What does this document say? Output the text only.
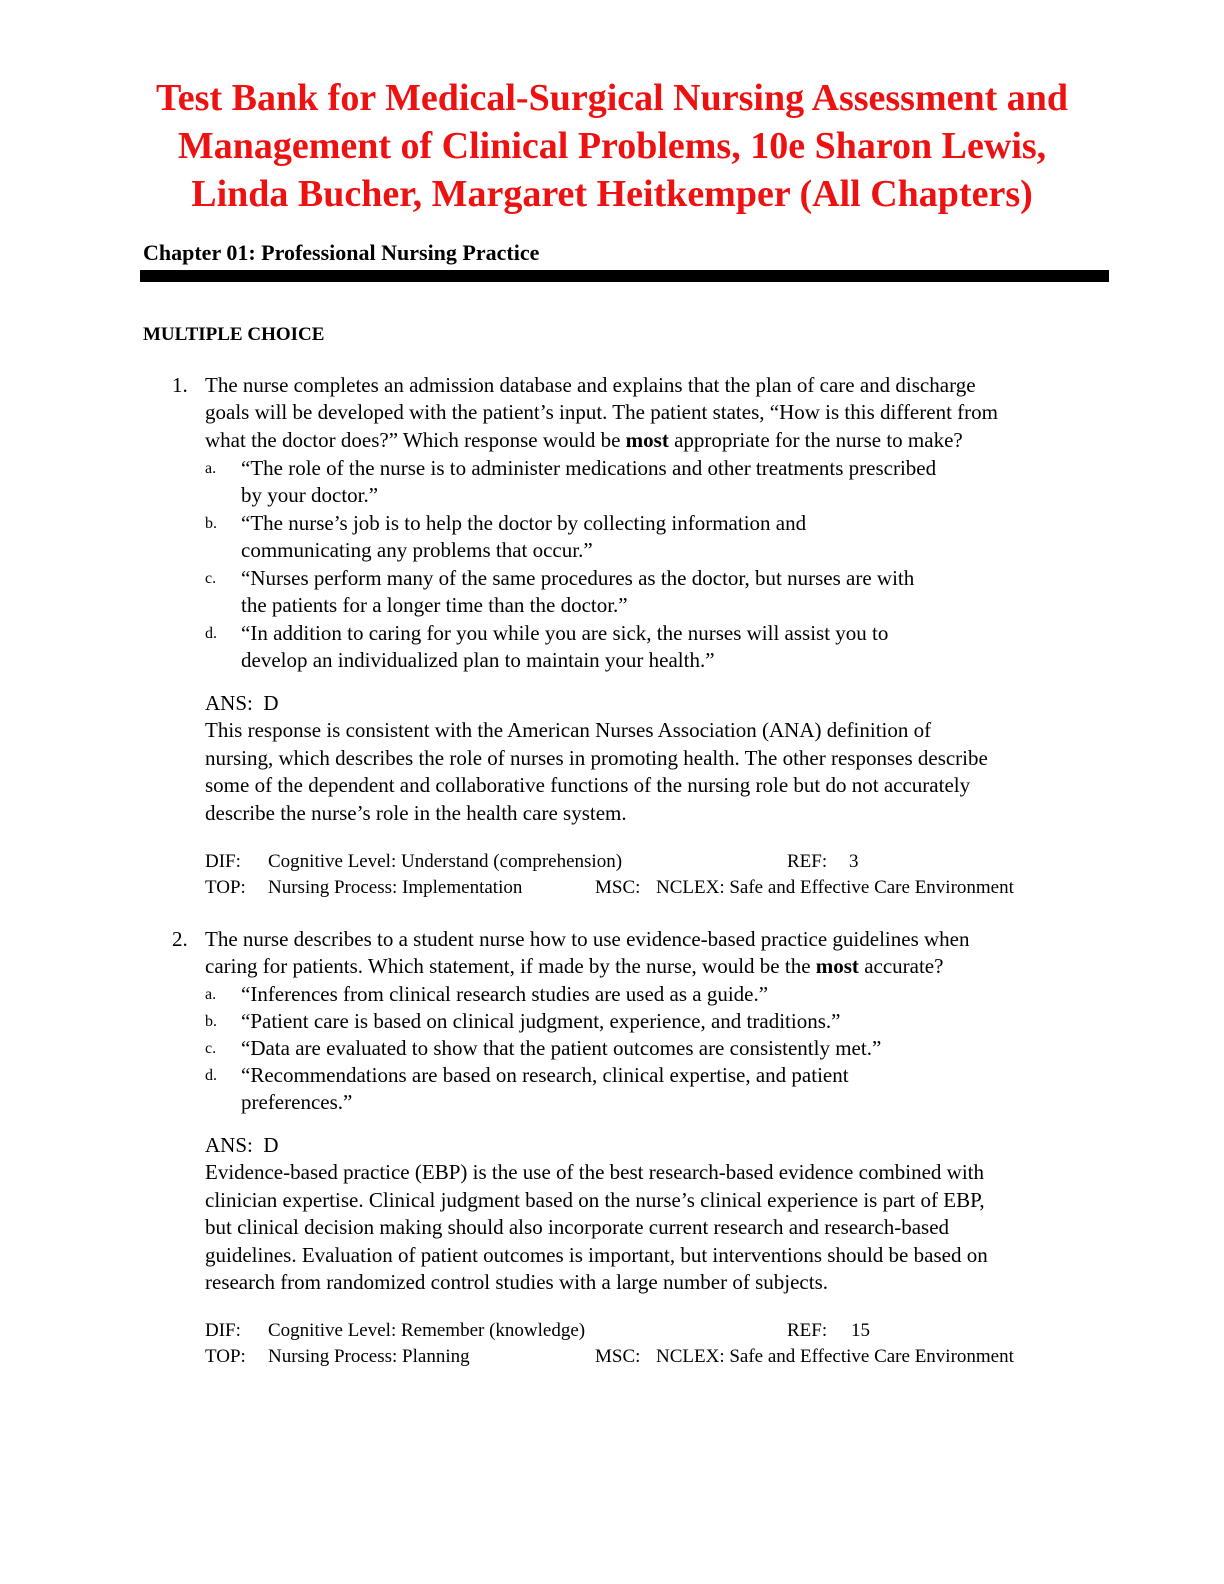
Test Bank for Medical-Surgical Nursing Assessment and
Management of Clinical Problems, 10e Sharon Lewis,
Linda Bucher, Margaret Heitkemper (All Chapters)
Chapter 01: Professional Nursing Practice
MULTIPLE CHOICE
1. The nurse completes an admission database and explains that the plan of care and discharge
goals will be developed with the patient’s input. The patient states, “How is this different from
what the doctor does?” Which response would be most appropriate for the nurse to make?
a. “The role of the nurse is to administer medications and other treatments prescribed
by your doctor.”
b. “The nurse’s job is to help the doctor by collecting information and
communicating any problems that occur.”
c. “Nurses perform many of the same procedures as the doctor, but nurses are with
the patients for a longer time than the doctor.”
d. “In addition to caring for you while you are sick, the nurses will assist you to
develop an individualized plan to maintain your health.”
ANS: D
This response is consistent with the American Nurses Association (ANA) definition of
nursing, which describes the role of nurses in promoting health. The other responses describe
some of the dependent and collaborative functions of the nursing role but do not accurately
describe the nurse’s role in the health care system.
DIF: Cognitive Level: Understand (comprehension)	REF: 3
TOP: Nursing Process: Implementation	MSC: NCLEX: Safe and Effective Care Environment
2. The nurse describes to a student nurse how to use evidence-based practice guidelines when
caring for patients. Which statement, if made by the nurse, would be the most accurate?
a. “Inferences from clinical research studies are used as a guide.”
b. “Patient care is based on clinical judgment, experience, and traditions.”
c. “Data are evaluated to show that the patient outcomes are consistently met.”
d. “Recommendations are based on research, clinical expertise, and patient
preferences.”
ANS: D
Evidence-based practice (EBP) is the use of the best research-based evidence combined with
clinician expertise. Clinical judgment based on the nurse’s clinical experience is part of EBP,
but clinical decision making should also incorporate current research and research-based
guidelines. Evaluation of patient outcomes is important, but interventions should be based on
research from randomized control studies with a large number of subjects.
DIF: Cognitive Level: Remember (knowledge)	REF: 15
TOP: Nursing Process: Planning	MSC: NCLEX: Safe and Effective Care Environment
